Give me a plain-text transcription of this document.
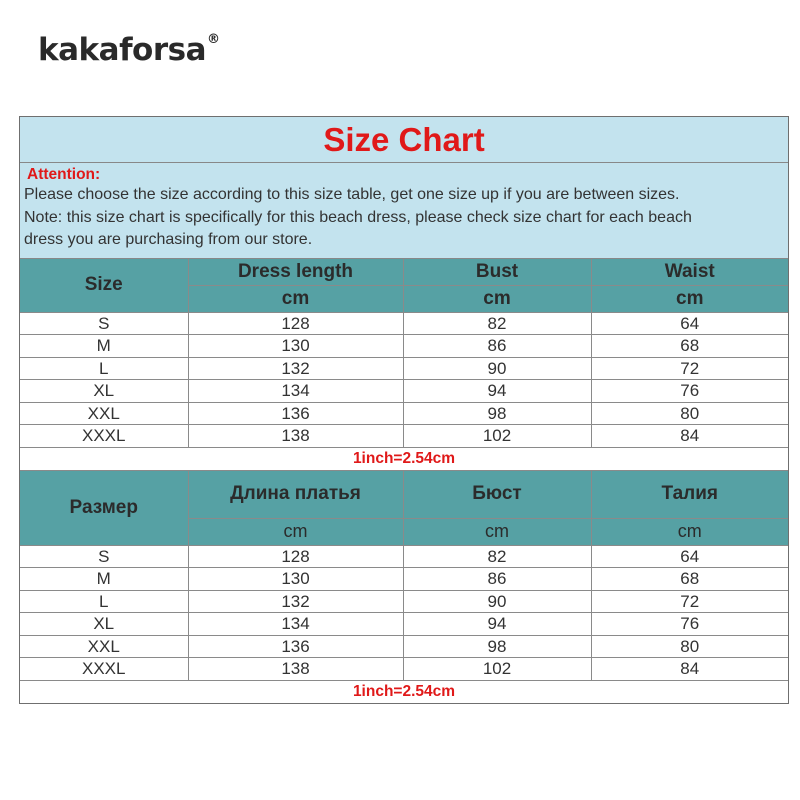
kakaforsa®
Size Chart
Attention:
Please choose the size according to this size table, get one size up if you are between sizes.
Note: this size chart is specifically for this beach dress, please check size chart for each beach
dress you are purchasing from our store.
Size	Dress length	Bust	Waist
	cm	cm	cm
S	128	82	64
M	130	86	68
L	132	90	72
XL	134	94	76
XXL	136	98	80
XXXL	138	102	84
1inch=2.54cm			
Размер	Длина платья	Бюст	Талия
	cm	cm	cm
S	128	82	64
M	130	86	68
L	132	90	72
XL	134	94	76
XXL	136	98	80
XXXL	138	102	84
1inch=2.54cm			
